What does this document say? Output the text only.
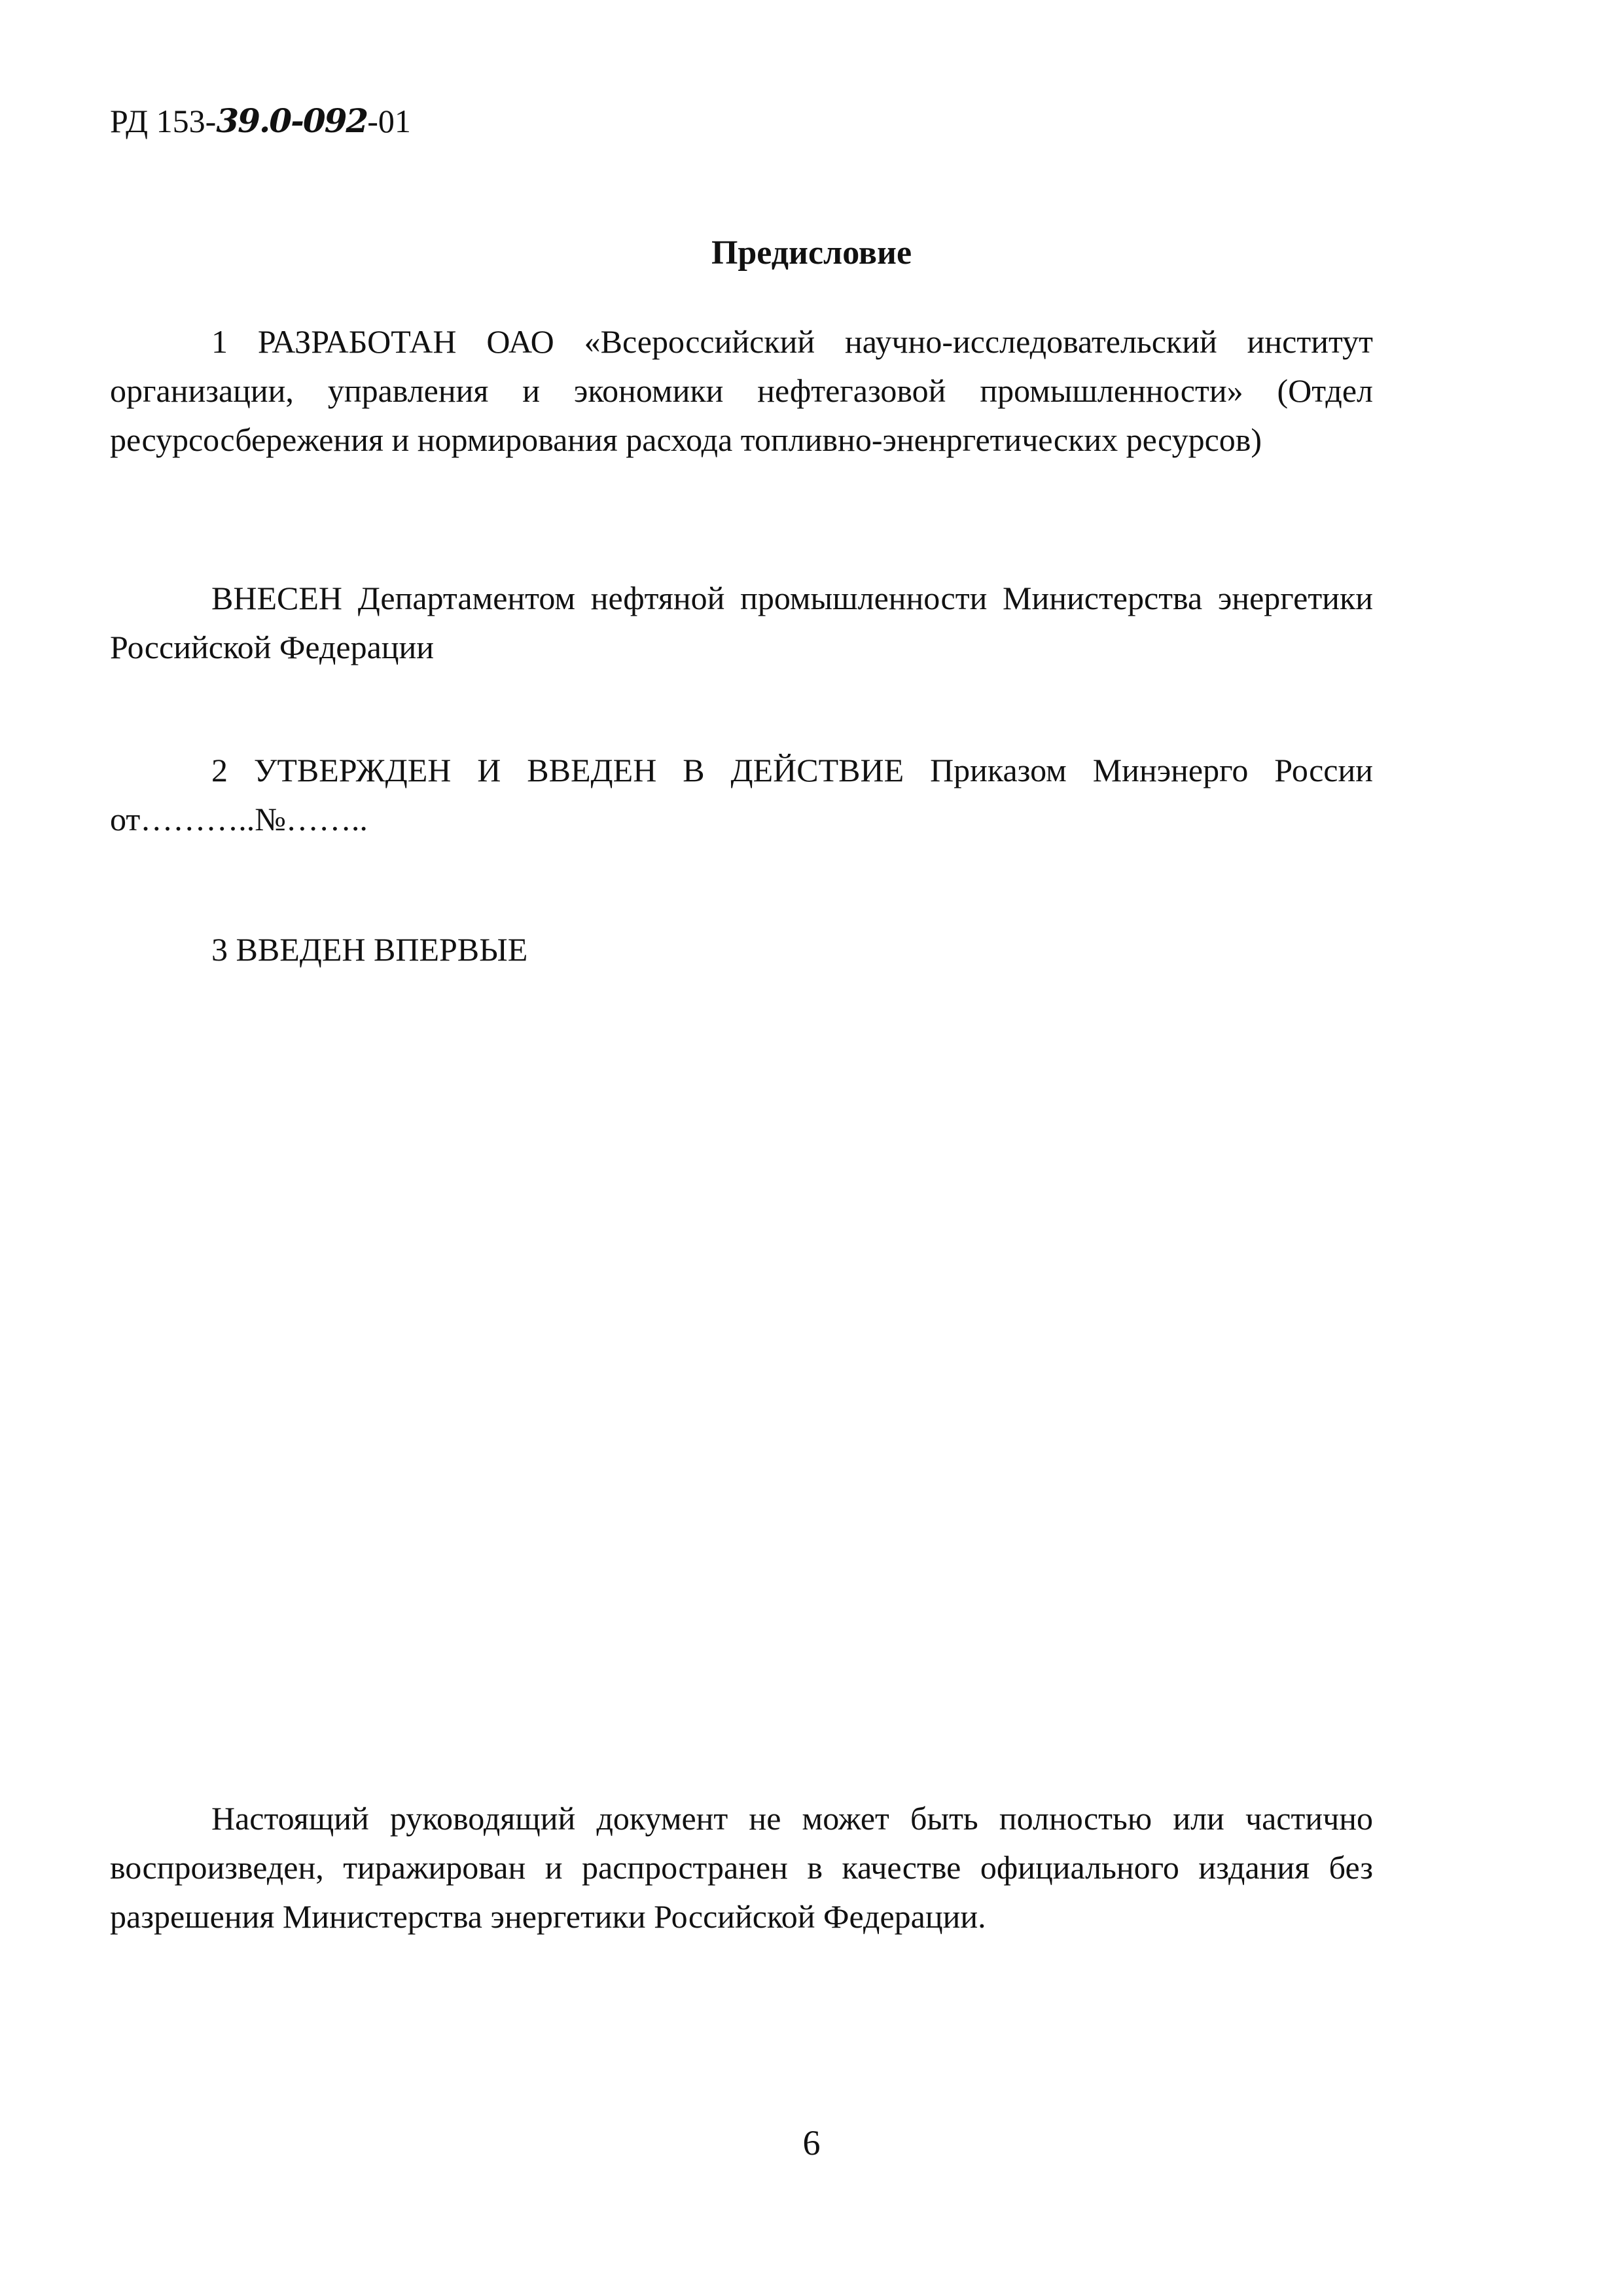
РД 153-39.0-092-01
Предисловие

1 РАЗРАБОТАН ОАО «Всероссийский научно-исследовательский институт организации, управления и экономики нефтегазовой промышленности» (Отдел ресурсосбережения и нормирования расхода топливно-эненргетических ресурсов)

ВНЕСЕН Департаментом нефтяной промышленности Министерства энергетики Российской Федерации

2 УТВЕРЖДЕН И ВВЕДЕН В ДЕЙСТВИЕ Приказом Минэнерго России от………..№……..

3 ВВЕДЕН ВПЕРВЫЕ

Настоящий руководящий документ не может быть полностью или частично воспроизведен, тиражирован и распространен в качестве официального издания без разрешения Министерства энергетики Российской Федерации.

6
